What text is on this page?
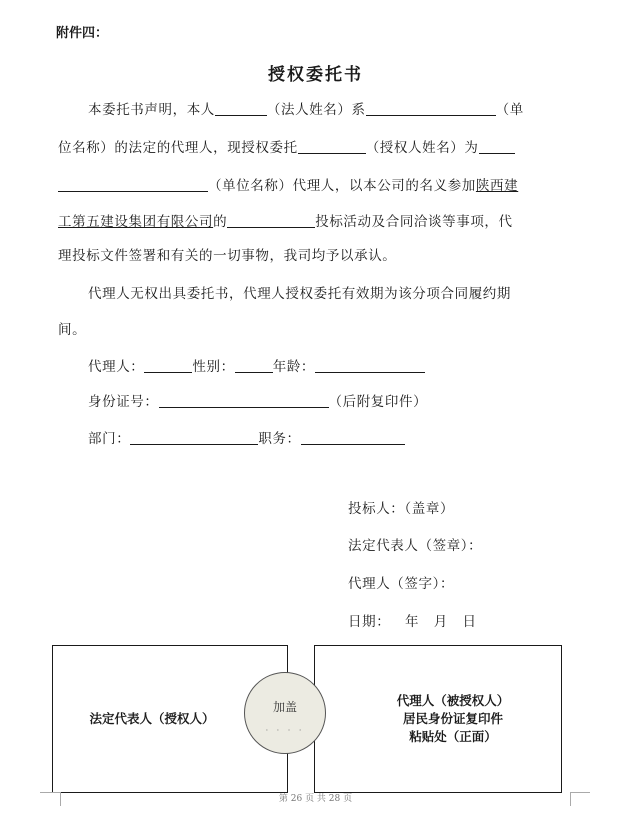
附件四：
授权委托书
本委托书声明，本人	（法人姓名）系	（单
位名称）的法定的代理人，现授权委托	（授权人姓名）为
（单位名称）代理人，以本公司的名义参加陕西建
工第五建设集团有限公司的	投标活动及合同洽谈等事项，代
理投标文件签署和有关的一切事物，我司均予以承认。
代理人无权出具委托书，代理人授权委托有效期为该分项合同履约期
间。
代理人：	性别：	年龄：
身份证号：	（后附复印件）
部门：	职务：
投标人：（盖章）
法定代表人（签章）：
代理人（签字）：
日期：   年   月   日
法定代表人（授权人）
代理人（被授权人）
居民身份证复印件
粘贴处（正面）
加盖
· · · ·
第 26 页 共 28 页
